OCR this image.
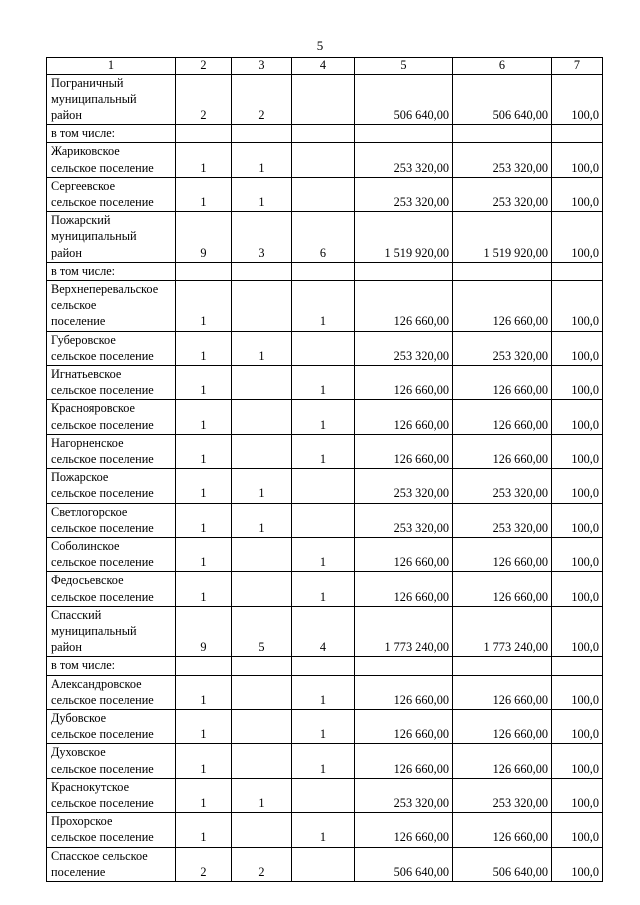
5
1	2	3	4	5	6	7

Пограничный
муниципальный
район	2	2		506 640,00	506 640,00	100,0

в том числе:						

Жариковское
сельское поселение	1	1		253 320,00	253 320,00	100,0

Сергеевское
сельское поселение	1	1		253 320,00	253 320,00	100,0

Пожарский
муниципальный
район	9	3	6	1 519 920,00	1 519 920,00	100,0

в том числе:						

Верхнеперевальское
сельское
поселение	1		1	126 660,00	126 660,00	100,0

Губеровское
сельское поселение	1	1		253 320,00	253 320,00	100,0

Игнатьевское
сельское поселение	1		1	126 660,00	126 660,00	100,0

Краснояровское
сельское поселение	1		1	126 660,00	126 660,00	100,0

Нагорненское
сельское поселение	1		1	126 660,00	126 660,00	100,0

Пожарское
сельское поселение	1	1		253 320,00	253 320,00	100,0

Светлогорское
сельское поселение	1	1		253 320,00	253 320,00	100,0

Соболинское
сельское поселение	1		1	126 660,00	126 660,00	100,0

Федосьевское
сельское поселение	1		1	126 660,00	126 660,00	100,0

Спасский
муниципальный
район	9	5	4	1 773 240,00	1 773 240,00	100,0

в том числе:						

Александровское
сельское поселение	1		1	126 660,00	126 660,00	100,0

Дубовское
сельское поселение	1		1	126 660,00	126 660,00	100,0

Духовское
сельское поселение	1		1	126 660,00	126 660,00	100,0

Краснокутское
сельское поселение	1	1		253 320,00	253 320,00	100,0

Прохорское
сельское поселение	1		1	126 660,00	126 660,00	100,0

Спасское сельское
поселение	2	2		506 640,00	506 640,00	100,0
